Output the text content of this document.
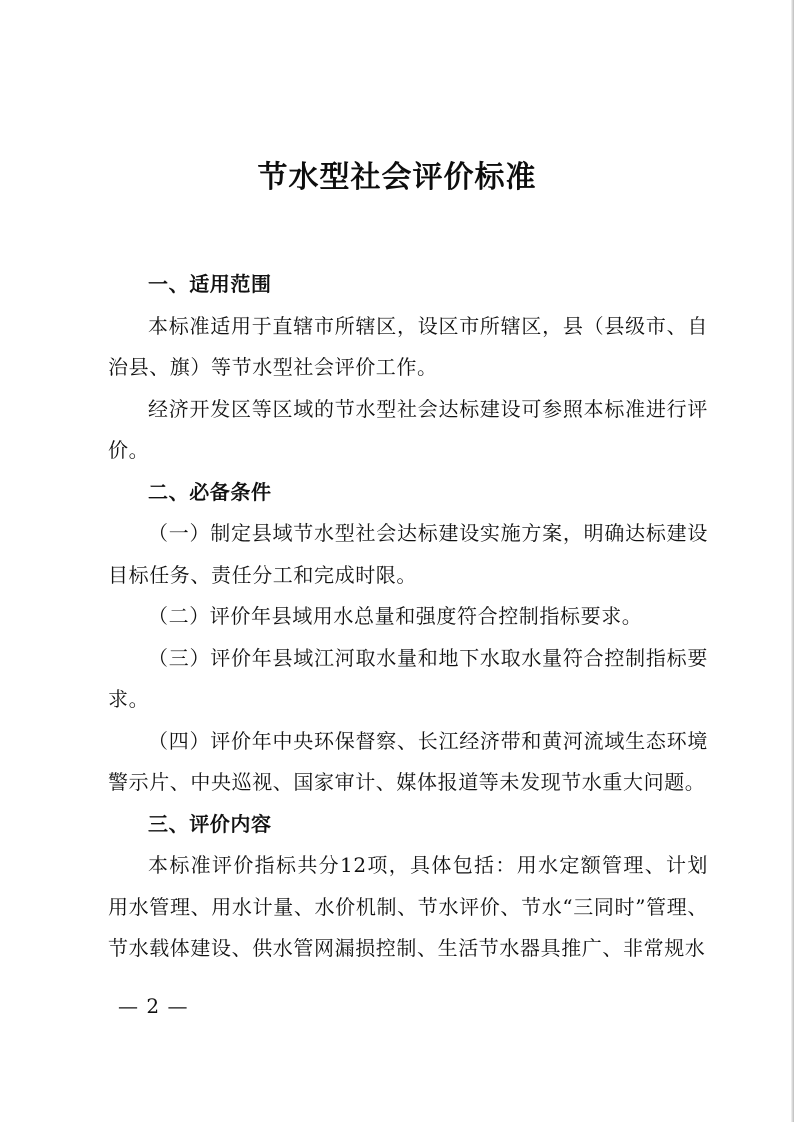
节水型社会评价标准

一、适用范围

本标准适用于直辖市所辖区，设区市所辖区，县（县级市、自治县、旗）等节水型社会评价工作。

经济开发区等区域的节水型社会达标建设可参照本标准进行评价。

二、必备条件

（一）制定县域节水型社会达标建设实施方案，明确达标建设目标任务、责任分工和完成时限。

（二）评价年县域用水总量和强度符合控制指标要求。

（三）评价年县域江河取水量和地下水取水量符合控制指标要求。

（四）评价年中央环保督察、长江经济带和黄河流域生态环境警示片、中央巡视、国家审计、媒体报道等未发现节水重大问题。

三、评价内容

本标准评价指标共分12项，具体包括：用水定额管理、计划用水管理、用水计量、水价机制、节水评价、节水“三同时”管理、节水载体建设、供水管网漏损控制、生活节水器具推广、非常规水

— 2 —
